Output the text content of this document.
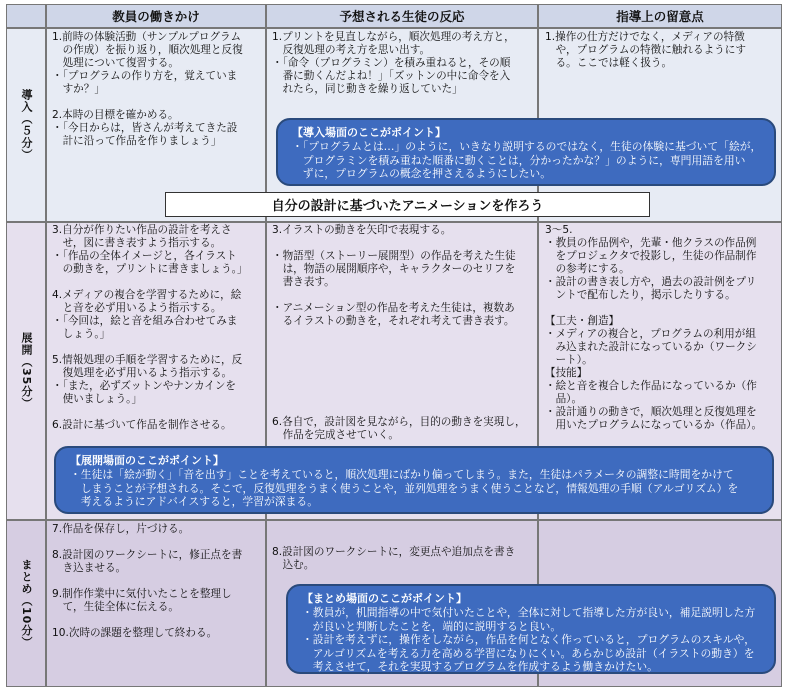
教員の働きかけ	予想される生徒の反応	指導上の留意点
導入（５分）
1.前時の体験活動（サンプルプログラム
　の作成）を振り返り，順次処理と反復
　処理について復習する。
・「プログラムの作り方を，覚えていま
　すか？」

2.本時の目標を確かめる。
・「今日からは，皆さんが考えてきた設
　計に沿って作品を作りましょう」
1.プリントを見直しながら，順次処理の考え方と，
　反復処理の考え方を思い出す。
・「命令（プログラミン）を積み重ねると，その順
　番に動くんだよね！」「ズットンの中に命令を入
　れたら，同じ動きを繰り返していた」
1.操作の仕方だけでなく，メディアの特徴
　や，プログラムの特徴に触れるようにす
　る。ここでは軽く扱う。
【導入場面のここがポイント】
・「プログラムとは…」のように，いきなり説明するのではなく，生徒の体験に基づいて「絵が，
　プログラミンを積み重ねた順番に動くことは，分かったかな？」のように，専門用語を用い
　ずに，プログラムの概念を押さえるようにしたい。
自分の設計に基づいたアニメーションを作ろう
展開（35分）
3.自分が作りたい作品の設計を考えさ
　せ，図に書き表すよう指示する。
・「作品の全体イメージと，各イラスト
　の動きを，プリントに書きましょう。」

4.メディアの複合を学習するために，絵
　と音を必ず用いるよう指示する。
・「今回は，絵と音を組み合わせてみま
　しょう。」

5.情報処理の手順を学習するために，反
　復処理を必ず用いるよう指示する。
・「また，必ずズットンやナンカインを
　使いましょう。」

6.設計に基づいて作品を制作させる。
3.イラストの動きを矢印で表現する。

・物語型（ストーリー展開型）の作品を考えた生徒
　は，物語の展開順序や，キャラクターのセリフを
　書き表す。

・アニメーション型の作品を考えた生徒は，複数あ
　るイラストの動きを，それぞれ考えて書き表す。
6.各自で，設計図を見ながら，目的の動きを実現し，
　作品を完成させていく。
3～5.
・教員の作品例や，先輩・他クラスの作品例
　をプロジェクタで投影し，生徒の作品制作
　の参考にする。
・設計の書き表し方や，過去の設計例をプリ
　ントで配布したり，掲示したりする。

【工夫・創造】
・メディアの複合と，プログラムの利用が組
　み込まれた設計になっているか（ワークシ
　ート）。
【技能】
・絵と音を複合した作品になっているか（作
　品）。
・設計通りの動きで，順次処理と反復処理を
　用いたプログラムになっているか（作品）。
【展開場面のここがポイント】
・生徒は「絵が動く」「音を出す」ことを考えていると，順次処理にばかり偏ってしまう。また，生徒はパラメータの調整に時間をかけて
　しまうことが予想される。そこで，反復処理をうまく使うことや，並列処理をうまく使うことなど，情報処理の手順（アルゴリズム）を
　考えるようにアドバイスすると，学習が深まる。
まとめ（10分）
7.作品を保存し，片づける。

8.設計図のワークシートに，修正点を書
　き込ませる。

9.制作作業中に気付いたことを整理し
　て，生徒全体に伝える。

10.次時の課題を整理して終わる。
8.設計図のワークシートに，変更点や追加点を書き
　込む。
【まとめ場面のここがポイント】
・教員が，机間指導の中で気付いたことや，全体に対して指導した方が良い，補足説明した方
　が良いと判断したことを，端的に説明すると良い。
・設計を考えずに，操作をしながら，作品を何となく作っていると，プログラムのスキルや，
　アルゴリズムを考える力を高める学習になりにくい。あらかじめ設計（イラストの動き）を
　考えさせて，それを実現するプログラムを作成するよう働きかけたい。
